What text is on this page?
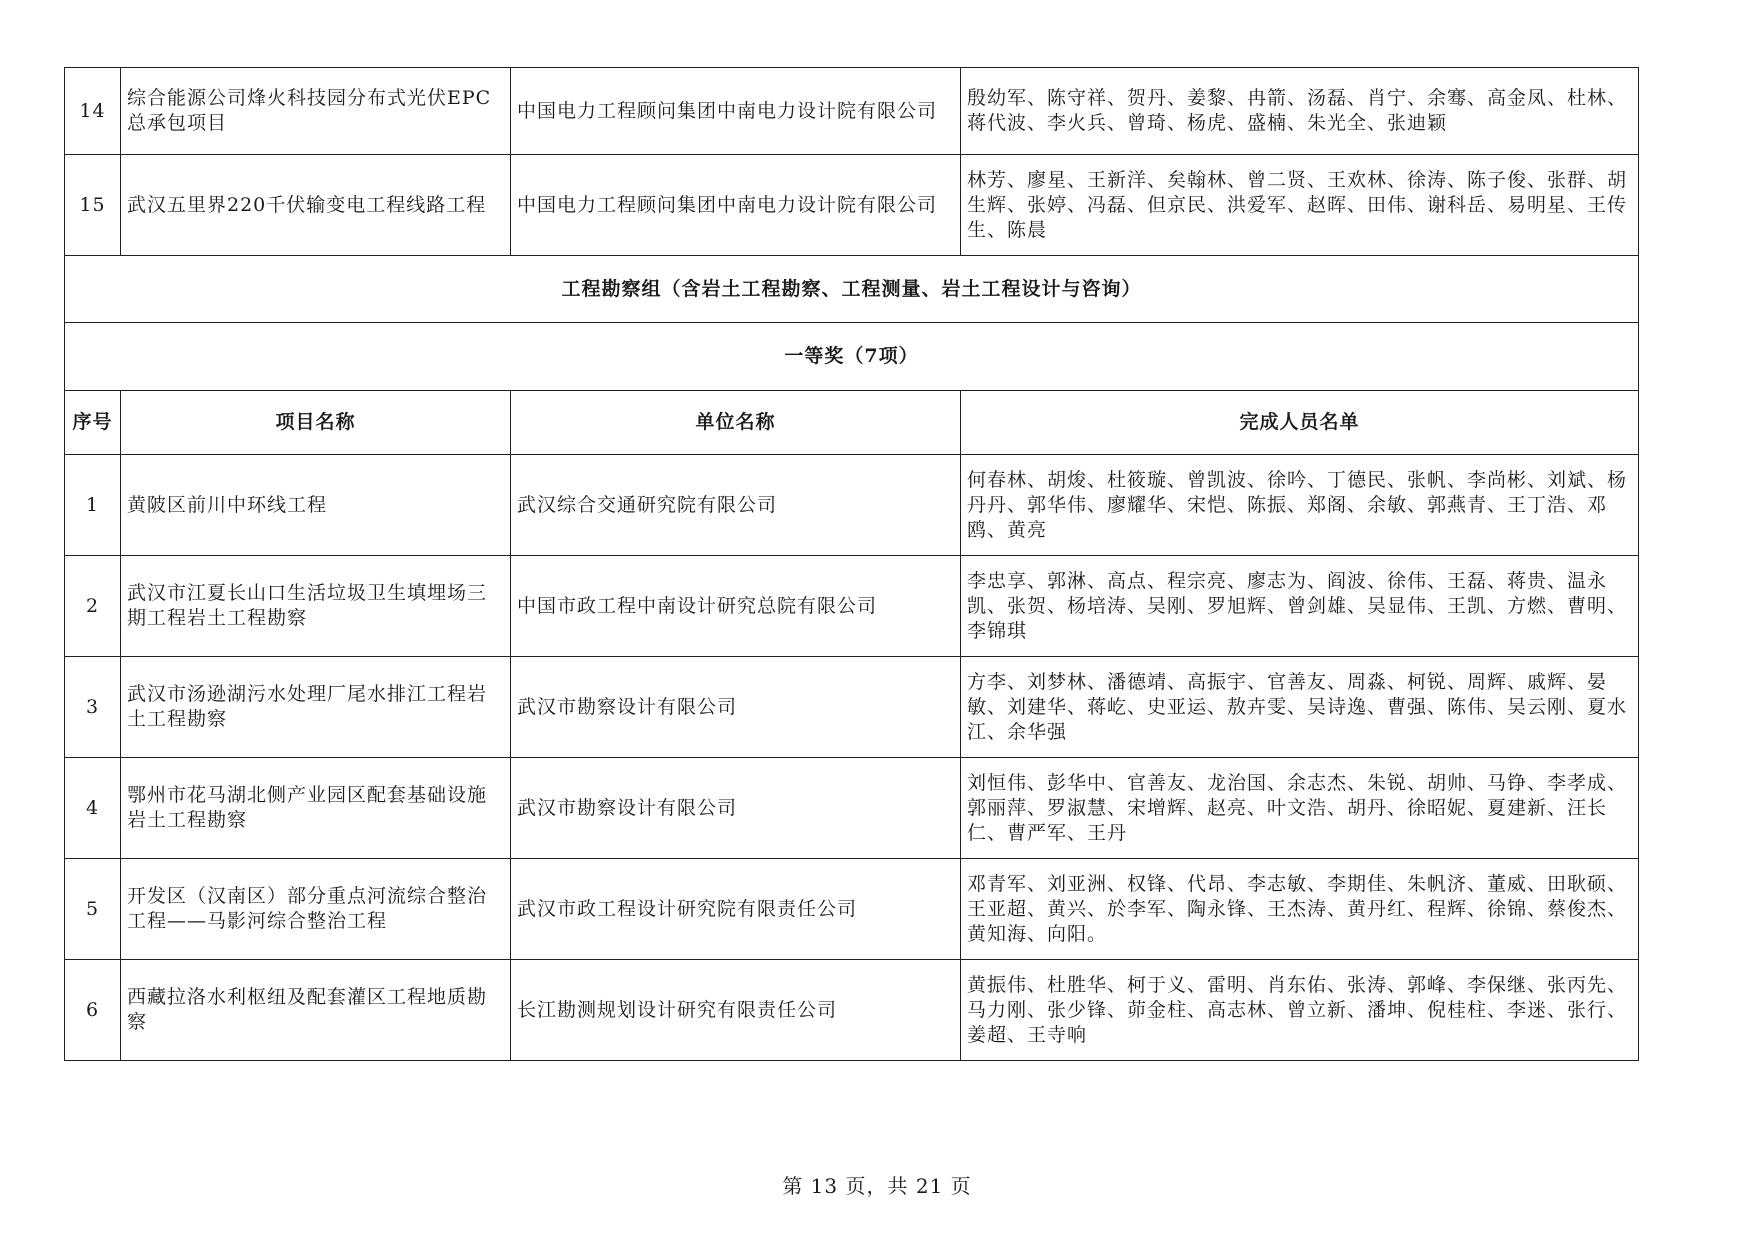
14	综合能源公司烽火科技园分布式光伏EPC总承包项目	中国电力工程顾问集团中南电力设计院有限公司	殷幼军、陈守祥、贺丹、姜黎、冉箭、汤磊、肖宁、余骞、高金凤、杜林、蒋代波、李火兵、曾琦、杨虎、盛楠、朱光全、张迪颖
15	武汉五里界220千伏输变电工程线路工程	中国电力工程顾问集团中南电力设计院有限公司	林芳、廖星、王新洋、矣翰林、曾二贤、王欢林、徐涛、陈子俊、张群、胡生辉、张婷、冯磊、但京民、洪爱军、赵晖、田伟、谢科岳、易明星、王传生、陈晨
工程勘察组（含岩土工程勘察、工程测量、岩土工程设计与咨询）			
一等奖（7项）			
序号	项目名称	单位名称	完成人员名单
1	黄陂区前川中环线工程	武汉综合交通研究院有限公司	何春林、胡焌、杜筱璇、曾凯波、徐吟、丁德民、张帆、李尚彬、刘斌、杨丹丹、郭华伟、廖耀华、宋恺、陈振、郑阁、余敏、郭燕青、王丁浩、邓鸥、黄亮
2	武汉市江夏长山口生活垃圾卫生填埋场三期工程岩土工程勘察	中国市政工程中南设计研究总院有限公司	李忠享、郭淋、高点、程宗亮、廖志为、阎波、徐伟、王磊、蒋贵、温永凯、张贺、杨培涛、吴刚、罗旭辉、曾剑雄、吴显伟、王凯、方燃、曹明、李锦琪
3	武汉市汤逊湖污水处理厂尾水排江工程岩土工程勘察	武汉市勘察设计有限公司	方李、刘梦林、潘德靖、高振宇、官善友、周淼、柯锐、周辉、戚辉、晏敏、刘建华、蒋屹、史亚运、敖卉雯、吴诗逸、曹强、陈伟、吴云刚、夏水江、余华强
4	鄂州市花马湖北侧产业园区配套基础设施岩土工程勘察	武汉市勘察设计有限公司	刘恒伟、彭华中、官善友、龙治国、余志杰、朱锐、胡帅、马铮、李孝成、郭丽萍、罗淑慧、宋增辉、赵亮、叶文浩、胡丹、徐昭妮、夏建新、汪长仁、曹严军、王丹
5	开发区（汉南区）部分重点河流综合整治工程——马影河综合整治工程	武汉市政工程设计研究院有限责任公司	邓青军、刘亚洲、权锋、代昂、李志敏、李期佳、朱帆济、董威、田耿硕、王亚超、黄兴、於李军、陶永锋、王杰涛、黄丹红、程辉、徐锦、蔡俊杰、黄知海、向阳。
6	西藏拉洛水利枢纽及配套灌区工程地质勘察	长江勘测规划设计研究有限责任公司	黄振伟、杜胜华、柯于义、雷明、肖东佑、张涛、郭峰、李保继、张丙先、马力刚、张少锋、茆金柱、高志林、曾立新、潘坤、倪桂柱、李迷、张行、姜超、王寺响
第 13 页，共 21 页
